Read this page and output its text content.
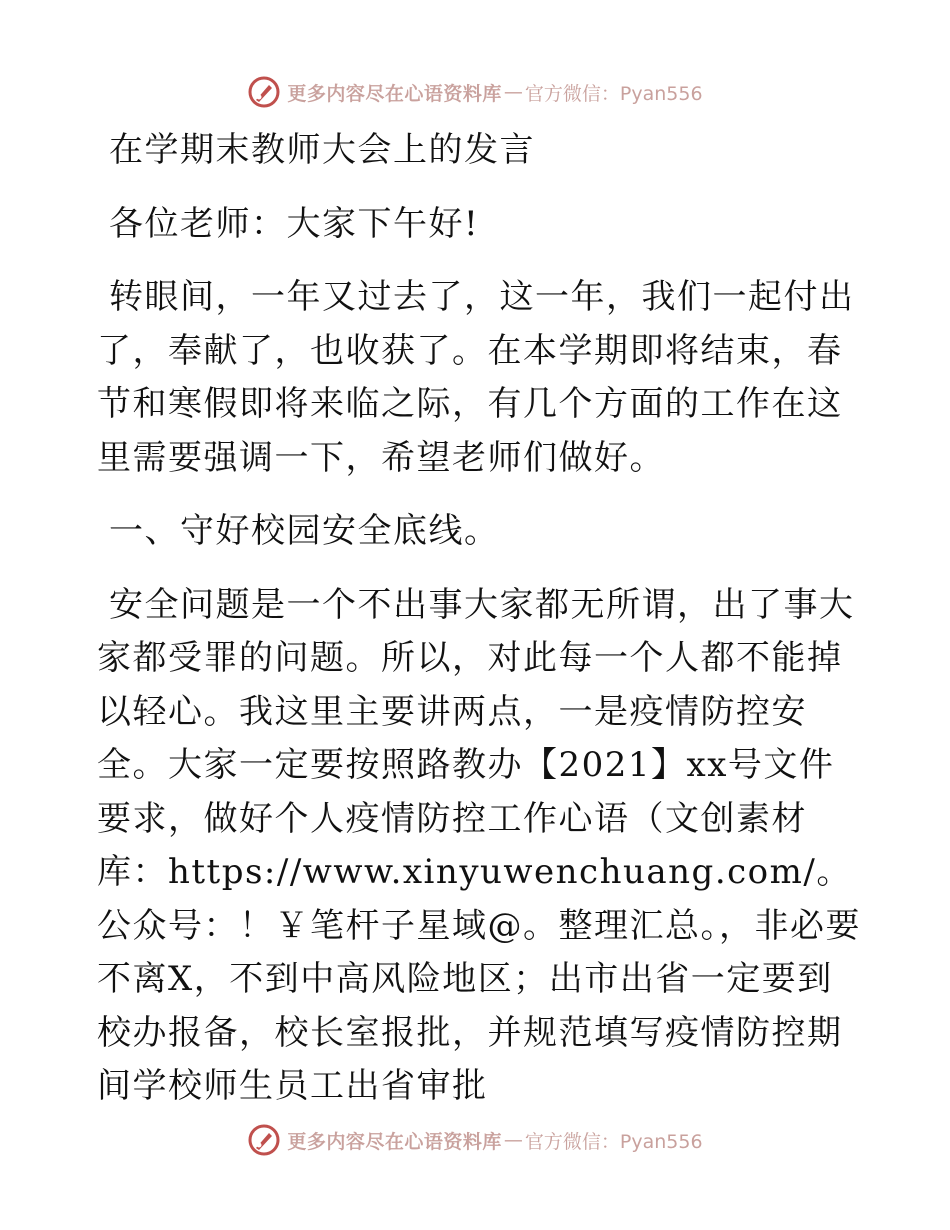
更多内容尽在心语资料库 — 官方微信：Pyan556

在学期末教师大会上的发言

各位老师：大家下午好!

转眼间，一年又过去了，这一年，我们一起付出了，奉献了，也收获了。在本学期即将结束，春节和寒假即将来临之际，有几个方面的工作在这里需要强调一下，希望老师们做好。

一、守好校园安全底线。

安全问题是一个不出事大家都无所谓，出了事大家都受罪的问题。所以，对此每一个人都不能掉以轻心。我这里主要讲两点，一是疫情防控安全。大家一定要按照路教办【2021】xx号文件要求，做好个人疫情防控工作心语（文创素材库：https://www.xinyuwenchuang.com/。公众号：！￥笔杆子星域@。整理汇总。，非必要不离X，不到中高风险地区；出市出省一定要到校办报备，校长室报批，并规范填写疫情防控期间学校师生员工出省审批

更多内容尽在心语资料库 — 官方微信：Pyan556
